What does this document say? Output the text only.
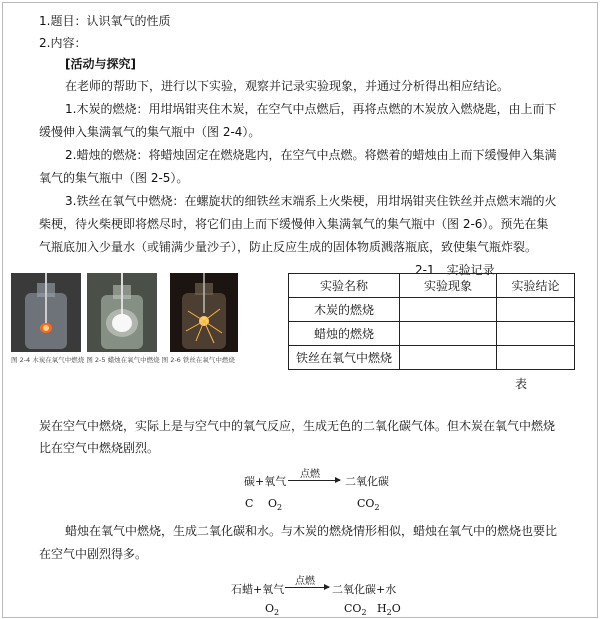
1.题目：认识氧气的性质
2.内容：
[活动与探究]
在老师的帮助下，进行以下实验，观察并记录实验现象，并通过分析得出相应结论。
1.木炭的燃烧：用坩埚钳夹住木炭，在空气中点燃后，再将点燃的木炭放入燃烧匙，由上而下
缓慢伸入集满氧气的集气瓶中（图 2-4）。
2.蜡烛的燃烧：将蜡烛固定在燃烧匙内，在空气中点燃。将燃着的蜡烛由上而下缓慢伸入集满
氧气的集气瓶中（图 2-5）。
3.铁丝在氧气中燃烧：在螺旋状的细铁丝末端系上火柴梗，用坩埚钳夹住铁丝并点燃末端的火
柴梗，待火柴梗即将燃尽时，将它们由上而下缓慢伸入集满氧气的集气瓶中（图 2-6）。预先在集
气瓶底加入少量水（或铺满少量沙子），防止反应生成的固体物质溅落瓶底，致使集气瓶炸裂。
2-1　实验记录
图 2-4 木炭在氧气中燃烧 图 2-5 蜡烛在氧气中燃烧 图 2-6 铁丝在氧气中燃烧
实验名称	实验现象	实验结论
木炭的燃烧		
蜡烛的燃烧		
铁丝在氧气中燃烧		
表
炭在空气中燃烧，实际上是与空气中的氧气反应，生成无色的二氧化碳气体。但木炭在氧气中燃烧
比在空气中燃烧剧烈。
碳+氧气
点燃
二氧化碳
C $O_2$	$CO_2$
蜡烛在氧气中燃烧，生成二氧化碳和水。与木炭的燃烧情形相似，蜡烛在氧气中的燃烧也要比
在空气中剧烈得多。
石蜡+氧气
点燃
二氧化碳+水
$O_2$	$CO_2$ $H_2O$
